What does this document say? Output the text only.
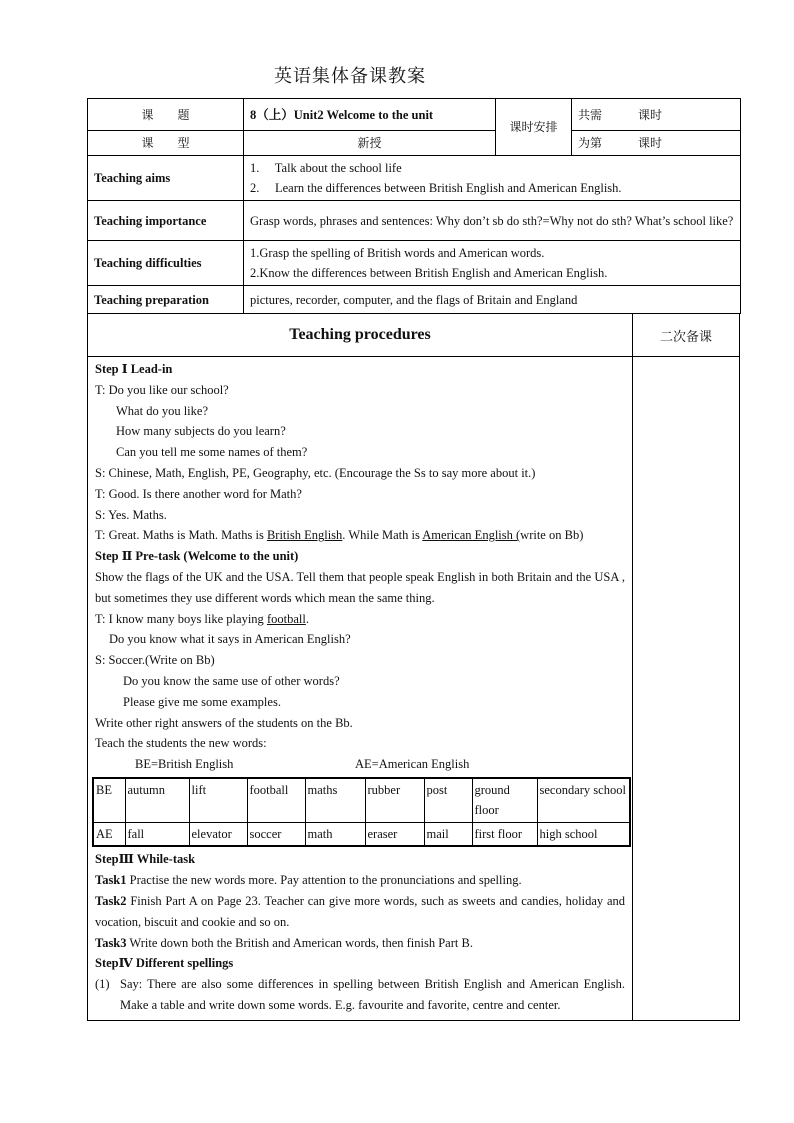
英语集体备课教案
课　　题	8（上）Unit2 Welcome to the unit	课时安排	共需　　　课时
课　　型	新授		为第　　　课时
Teaching aims	1.　 Talk about the school life
2.　 Learn the differences between British English and American English.		

Teaching importance	Grasp words, phrases and sentences: Why don’t sb do sth?=Why not do sth? What’s school like?		
Teaching difficulties	1.Grasp the spelling of British words and American words.
2.Know the differences between British English and American English.		

Teaching preparation	pictures, recorder, computer, and the flags of Britain and England		
Teaching procedures

Step Ⅰ Lead-in

T: Do you like our school?

What do you like?

How many subjects do you learn?

Can you tell me some names of them?

S: Chinese, Math, English, PE, Geography, etc. (Encourage the Ss to say more about it.)

T: Good. Is there another word for Math?

S: Yes. Maths.

T: Great. Maths is Math. Maths is British English. While Math is American English (write on Bb)

Step Ⅱ Pre-task (Welcome to the unit)

Show the flags of the UK and the USA. Tell them that people speak English in both Britain and the USA , but sometimes they use different words which mean the same thing.

T: I know many boys like playing football.

Do you know what it says in American English?

S: Soccer.(Write on Bb)

Do you know the same use of other words?

Please give me some examples.

Write other right answers of the students on the Bb.

Teach the students the new words:

BE=British English	AE=American English

BE	autumn	lift	football	maths	rubber	post	ground floor	secondary school
AE	fall	elevator	soccer	math	eraser	mail	first floor	high school

StepⅢ While-task

Task1 Practise the new words more. Pay attention to the pronunciations and spelling.

Task2 Finish Part A on Page 23. Teacher can give more words, such as sweets and candies, holiday and vocation, biscuit and cookie and so on.

Task3 Write down both the British and American words, then finish Part B.

StepⅣ Different spellings

(1) Say: There are also some differences in spelling between British English and American English. Make a table and write down some words. E.g. favourite and favorite, centre and center.
二次备课
